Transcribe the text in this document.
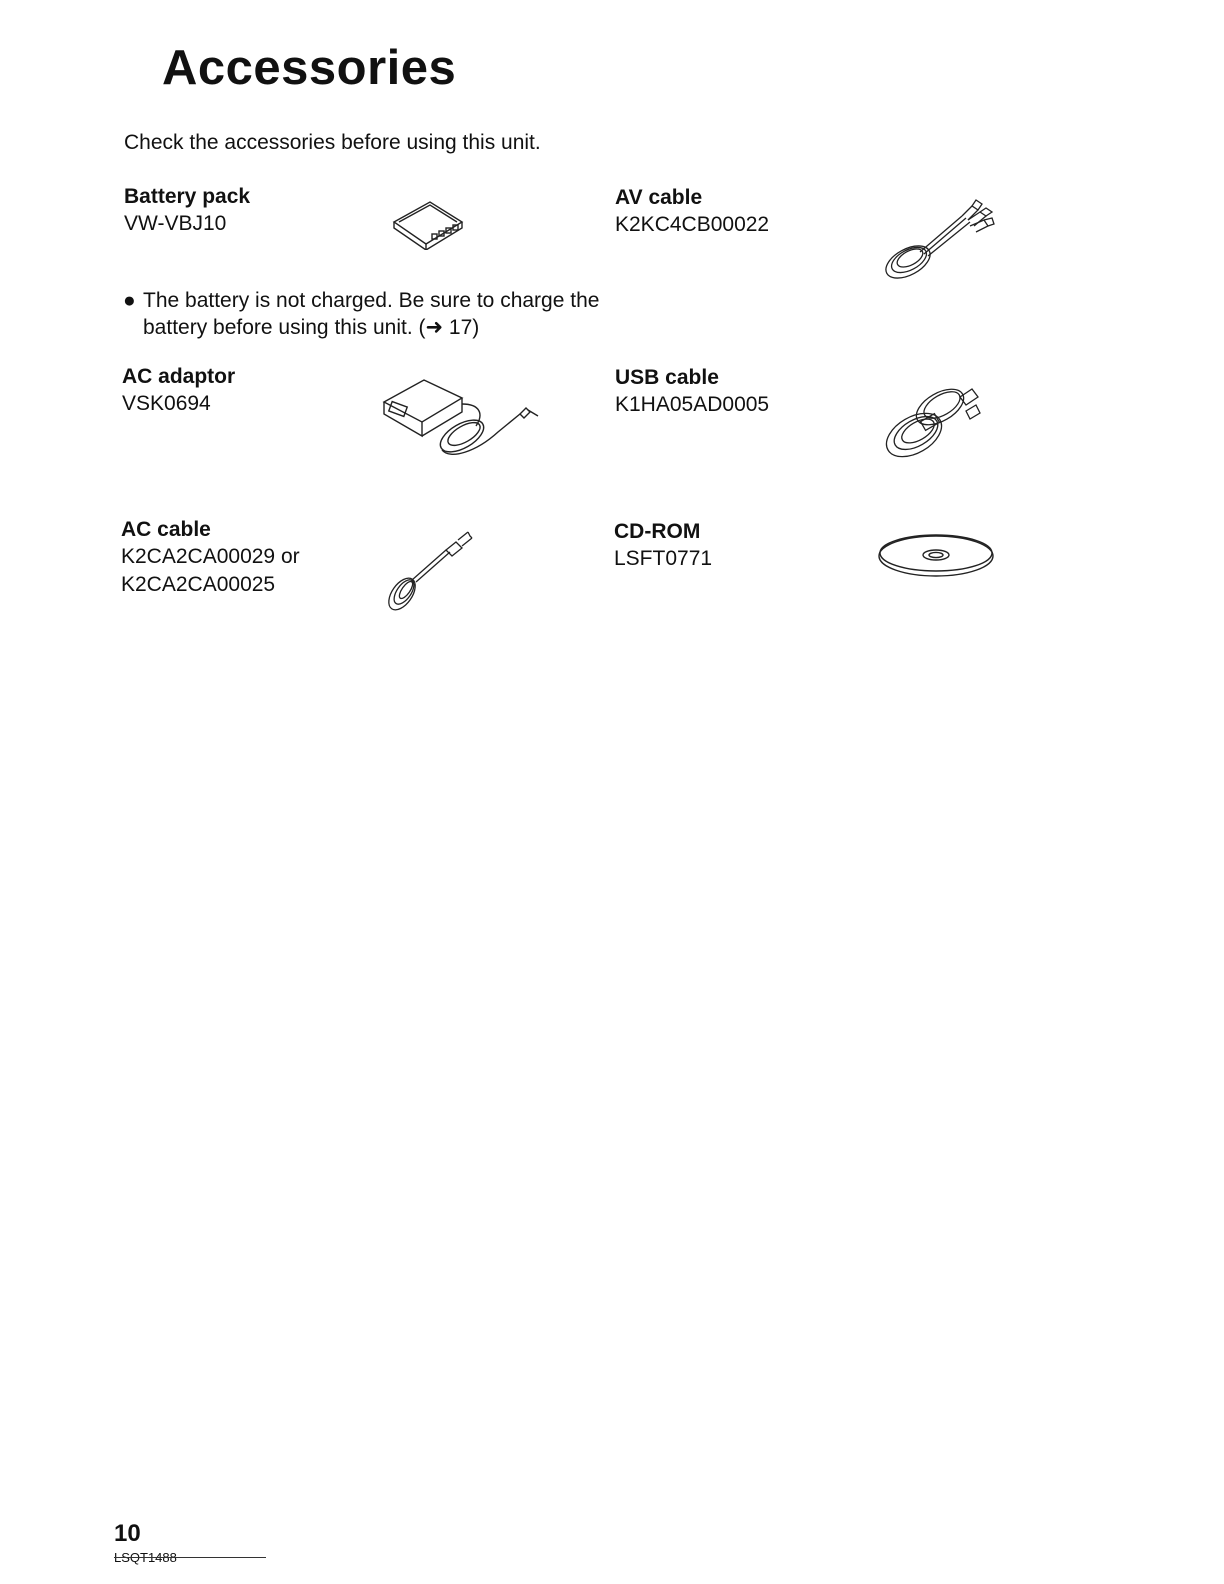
Accessories

Check the accessories before using this unit.

Battery pack

VW-VBJ10

AV cable

K2KC4CB00022

● The battery is not charged. Be sure to charge the
battery before using this unit. (➜ 17)

AC adaptor

VSK0694

USB cable

K1HA05AD0005

AC cable

K2CA2CA00029 or

K2CA2CA00025

CD-ROM

LSFT0771

10
LSQT1488
